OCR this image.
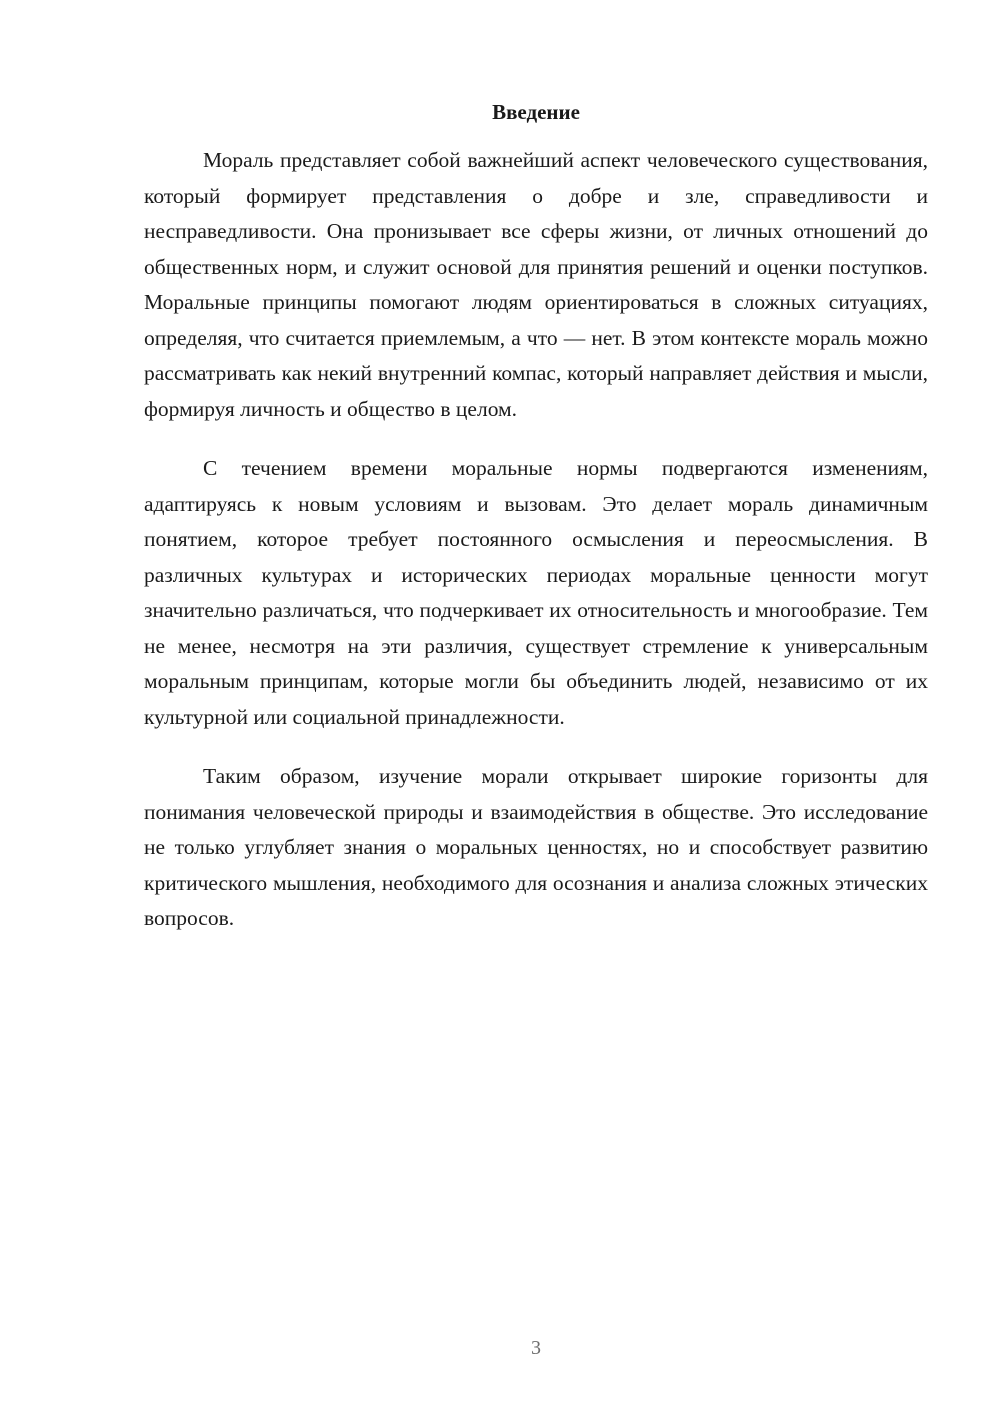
Введение

Мораль представляет собой важнейший аспект человеческого существования, который формирует представления о добре и зле, справедливости и несправедливости. Она пронизывает все сферы жизни, от личных отношений до общественных норм, и служит основой для принятия решений и оценки поступков. Моральные принципы помогают людям ориентироваться в сложных ситуациях, определяя, что считается приемлемым, а что — нет. В этом контексте мораль можно рассматривать как некий внутренний компас, который направляет действия и мысли, формируя личность и общество в целом.

С течением времени моральные нормы подвергаются изменениям, адаптируясь к новым условиям и вызовам. Это делает мораль динамичным понятием, которое требует постоянного осмысления и переосмысления. В различных культурах и исторических периодах моральные ценности могут значительно различаться, что подчеркивает их относительность и многообразие. Тем не менее, несмотря на эти различия, существует стремление к универсальным моральным принципам, которые могли бы объединить людей, независимо от их культурной или социальной принадлежности.

Таким образом, изучение морали открывает широкие горизонты для понимания человеческой природы и взаимодействия в обществе. Это исследование не только углубляет знания о моральных ценностях, но и способствует развитию критического мышления, необходимого для осознания и анализа сложных этических вопросов.

3
